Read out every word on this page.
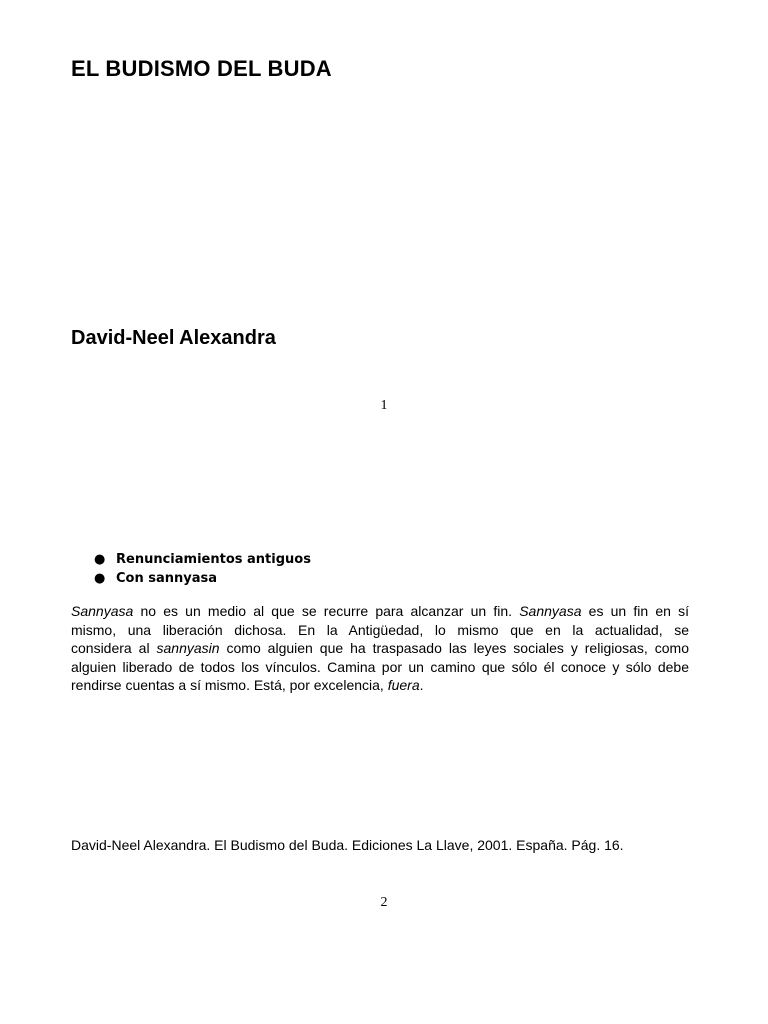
EL BUDISMO DEL BUDA
David-Neel Alexandra
1
● Renunciamientos antiguos
● Con sannyasa

Sannyasa no es un medio al que se recurre para alcanzar un fin. Sannyasa es un fin en sí
mismo, una liberación dichosa. En la Antigüedad, lo mismo que en la actualidad, se
considera al sannyasin como alguien que ha traspasado las leyes sociales y religiosas, como
alguien liberado de todos los vínculos. Camina por un camino que sólo él conoce y sólo debe
rendirse cuentas a sí mismo. Está, por excelencia, fuera.

David-Neel Alexandra. El Budismo del Buda. Ediciones La Llave, 2001. España. Pág. 16.

2
